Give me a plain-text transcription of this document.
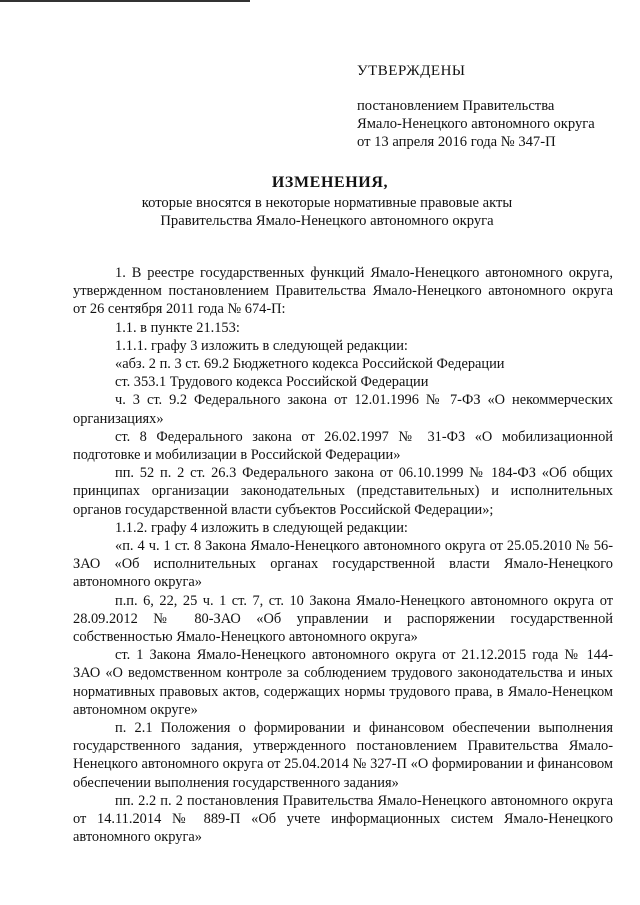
УТВЕРЖДЕНЫ
постановлением Правительства
Ямало-Ненецкого автономного округа
от 13 апреля 2016 года № 347-П
ИЗМЕНЕНИЯ,
которые вносятся в некоторые нормативные правовые акты
Правительства Ямало-Ненецкого автономного округа

1. В реестре государственных функций Ямало-Ненецкого автономного округа, утвержденном постановлением Правительства Ямало-Ненецкого автономного округа от 26 сентября 2011 года № 674-П:

1.1. в пункте 21.153:

1.1.1. графу 3 изложить в следующей редакции:

«абз. 2 п. 3 ст. 69.2 Бюджетного кодекса Российской Федерации

ст. 353.1 Трудового кодекса Российской Федерации

ч. 3 ст. 9.2 Федерального закона от 12.01.1996 № 7-ФЗ «О некоммерческих организациях»

ст. 8 Федерального закона от 26.02.1997 № 31-ФЗ «О мобилизационной подготовке и мобилизации в Российской Федерации»

пп. 52 п. 2 ст. 26.3 Федерального закона от 06.10.1999 № 184-ФЗ «Об общих принципах организации законодательных (представительных) и исполнительных органов государственной власти субъектов Российской Федерации»;

1.1.2. графу 4 изложить в следующей редакции:

«п. 4 ч. 1 ст. 8 Закона Ямало-Ненецкого автономного округа от 25.05.2010 № 56-ЗАО «Об исполнительных органах государственной власти Ямало-Ненецкого автономного округа»

п.п. 6, 22, 25 ч. 1 ст. 7, ст. 10 Закона Ямало-Ненецкого автономного округа от 28.09.2012 № 80-ЗАО «Об управлении и распоряжении государственной собственностью Ямало-Ненецкого автономного округа»

ст. 1 Закона Ямало-Ненецкого автономного округа от 21.12.2015 года № 144-ЗАО «О ведомственном контроле за соблюдением трудового законодательства и иных нормативных правовых актов, содержащих нормы трудового права, в Ямало-Ненецком автономном округе»

п. 2.1 Положения о формировании и финансовом обеспечении выполнения государственного задания, утвержденного постановлением Правительства Ямало-Ненецкого автономного округа от 25.04.2014 № 327-П «О формировании и финансовом обеспечении выполнения государственного задания»

пп. 2.2 п. 2 постановления Правительства Ямало-Ненецкого автономного округа от 14.11.2014 № 889-П «Об учете информационных систем Ямало-Ненецкого автономного округа»
